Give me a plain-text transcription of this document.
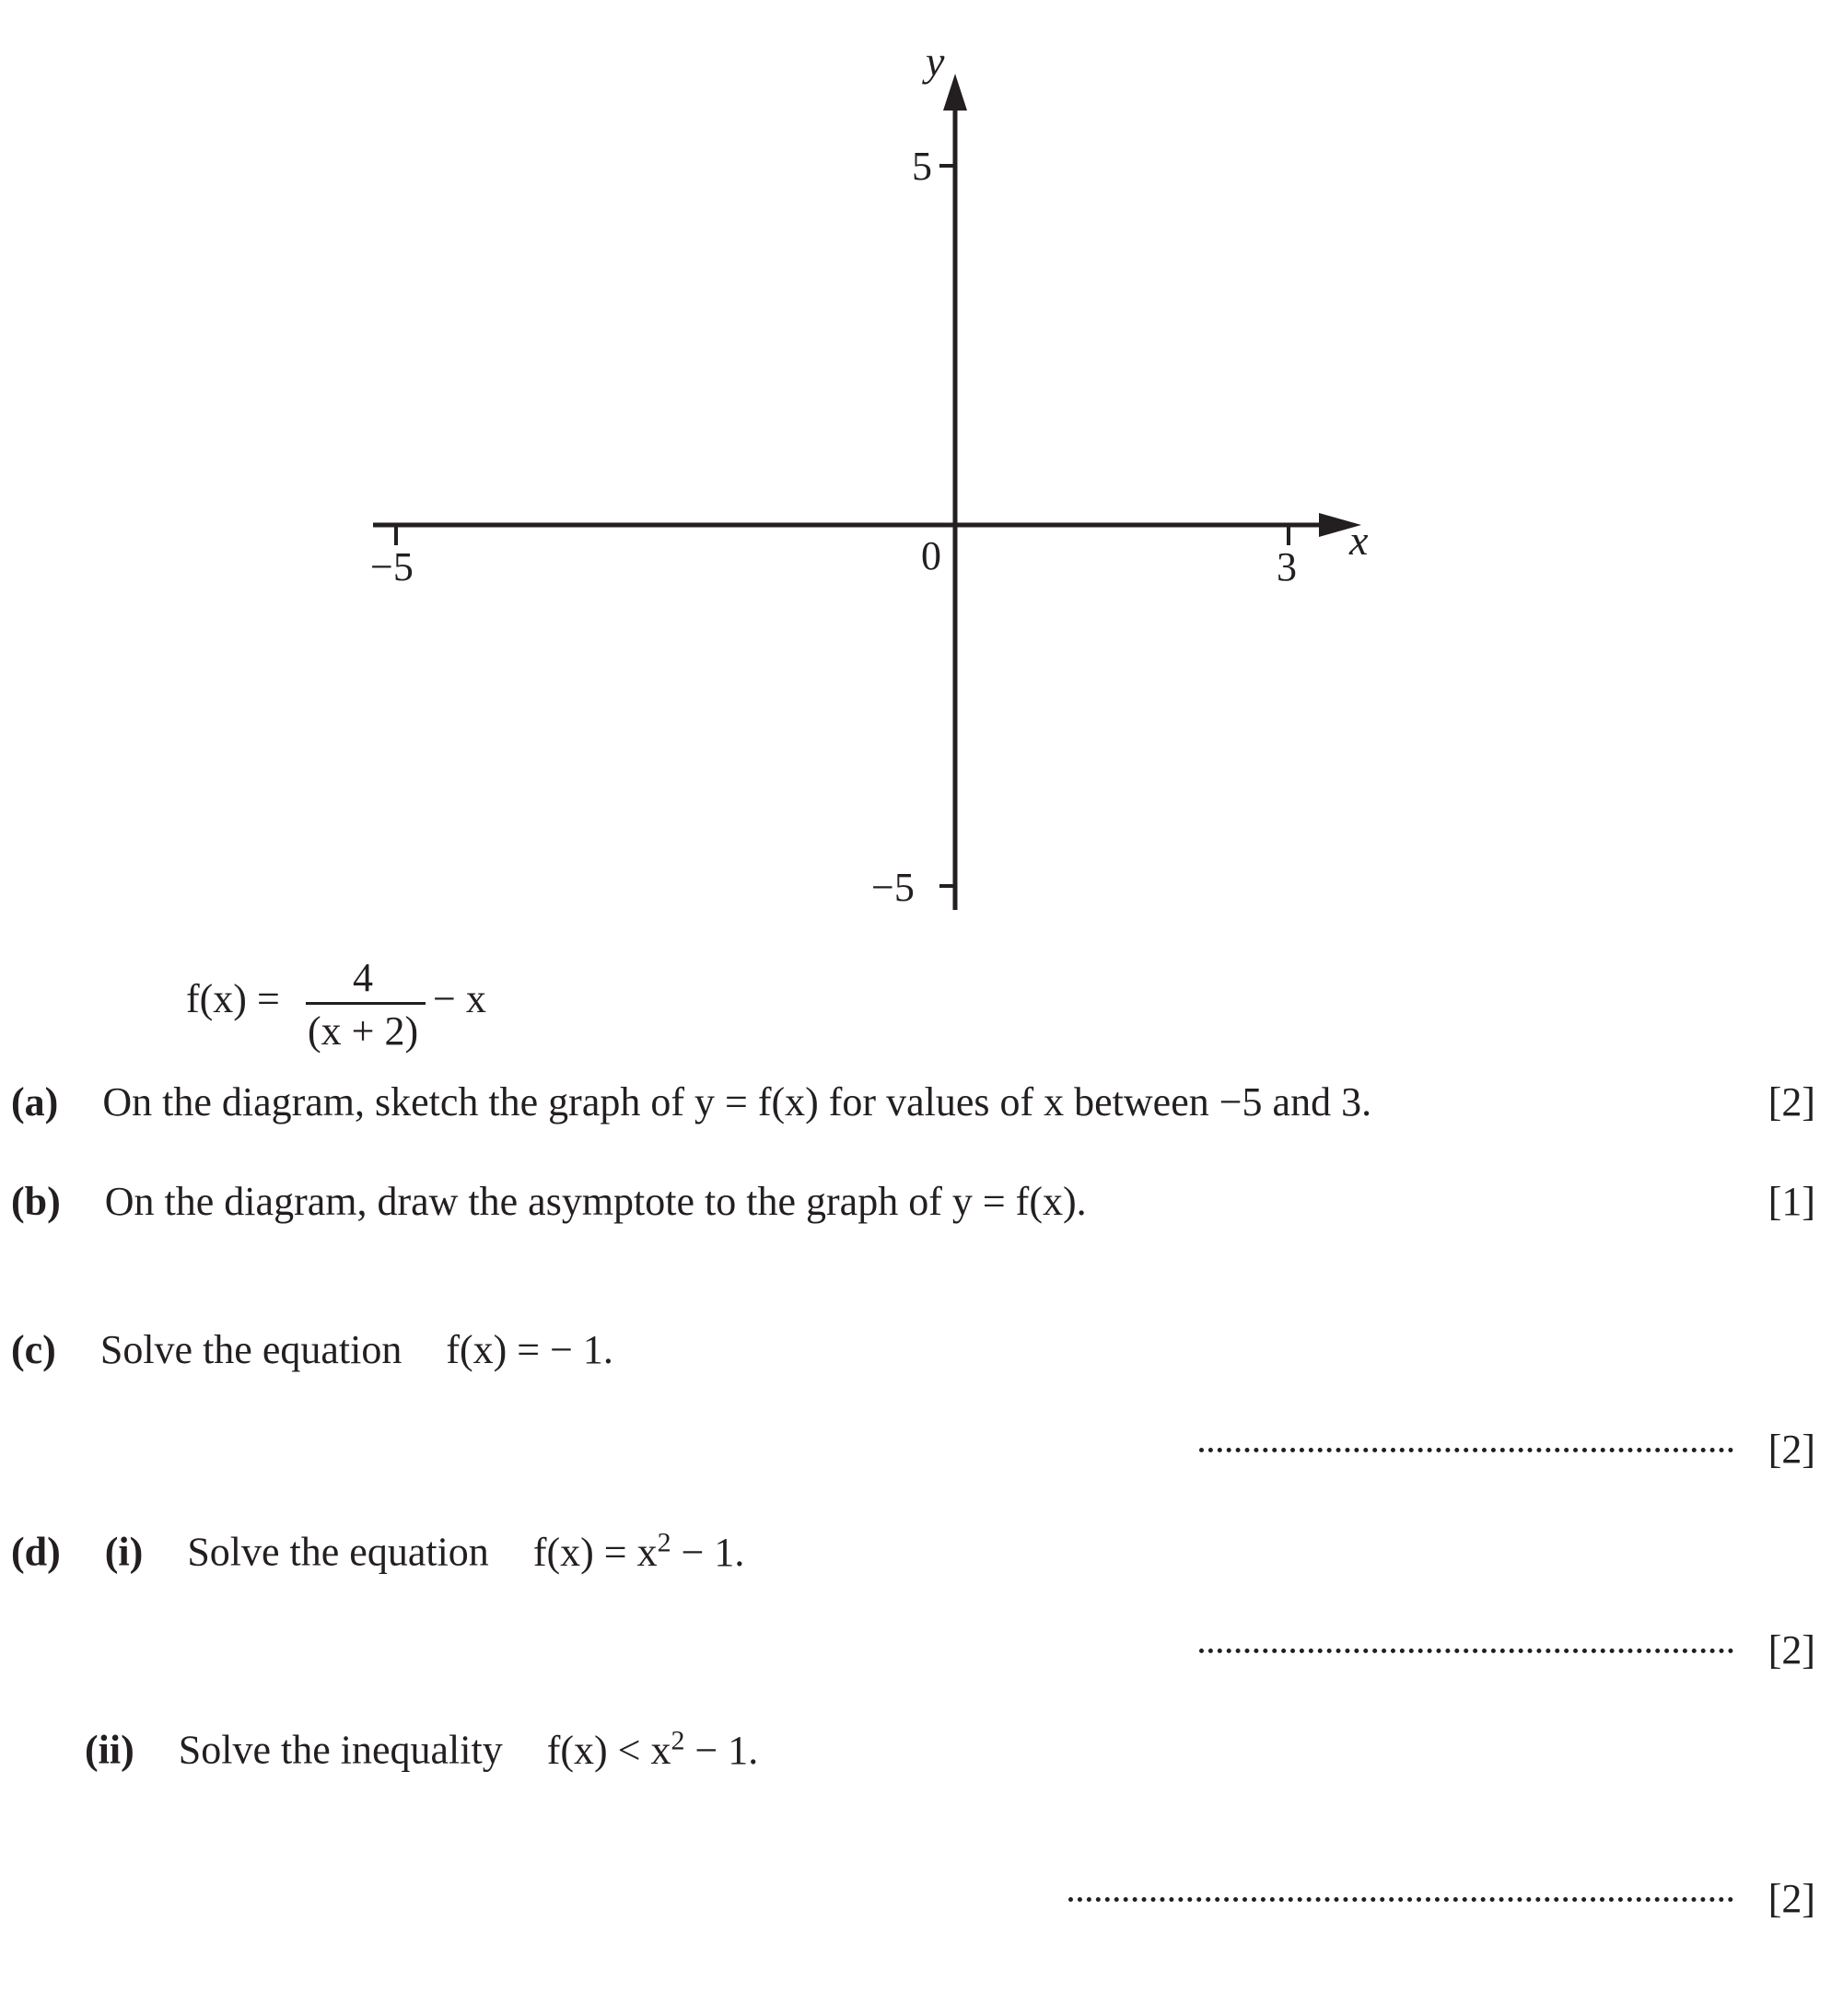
−5	3
5
−5
0	x
y
f(x) = 4
(x + 2)
− x
(a) On the diagram, sketch the graph of y = f(x) for values of x between −5 and 3.	[2]
(b) On the diagram, draw the asymptote to the graph of y = f(x).	[1]
(c) Solve the equation f(x) = − 1.
[2]
(d) (i) Solve the equation $f(x) = x^2 - 1$.
[2]
(ii) Solve the inequality $f(x) < x^2 - 1$.
[2]
